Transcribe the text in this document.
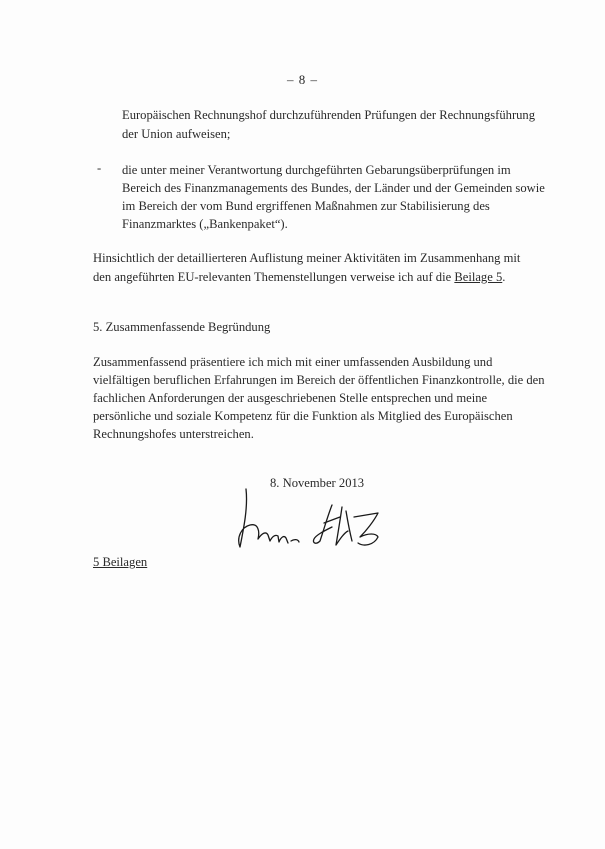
– 8 –
Europäischen Rechnungshof durchzuführenden Prüfungen der Rechnungsführung
der Union aufweisen;
- die unter meiner Verantwortung durchgeführten Gebarungsüberprüfungen im
Bereich des Finanzmanagements des Bundes, der Länder und der Gemeinden sowie
im Bereich der vom Bund ergriffenen Maßnahmen zur Stabilisierung des
Finanzmarktes („Bankenpaket“).
Hinsichtlich der detaillierteren Auflistung meiner Aktivitäten im Zusammenhang mit
den angeführten EU-relevanten Themenstellungen verweise ich auf die Beilage 5.
5. Zusammenfassende Begründung
Zusammenfassend präsentiere ich mich mit einer umfassenden Ausbildung und
vielfältigen beruflichen Erfahrungen im Bereich der öffentlichen Finanzkontrolle, die den
fachlichen Anforderungen der ausgeschriebenen Stelle entsprechen und meine
persönliche und soziale Kompetenz für die Funktion als Mitglied des Europäischen
Rechnungshofes unterstreichen.
8. November 2013
5 Beilagen
